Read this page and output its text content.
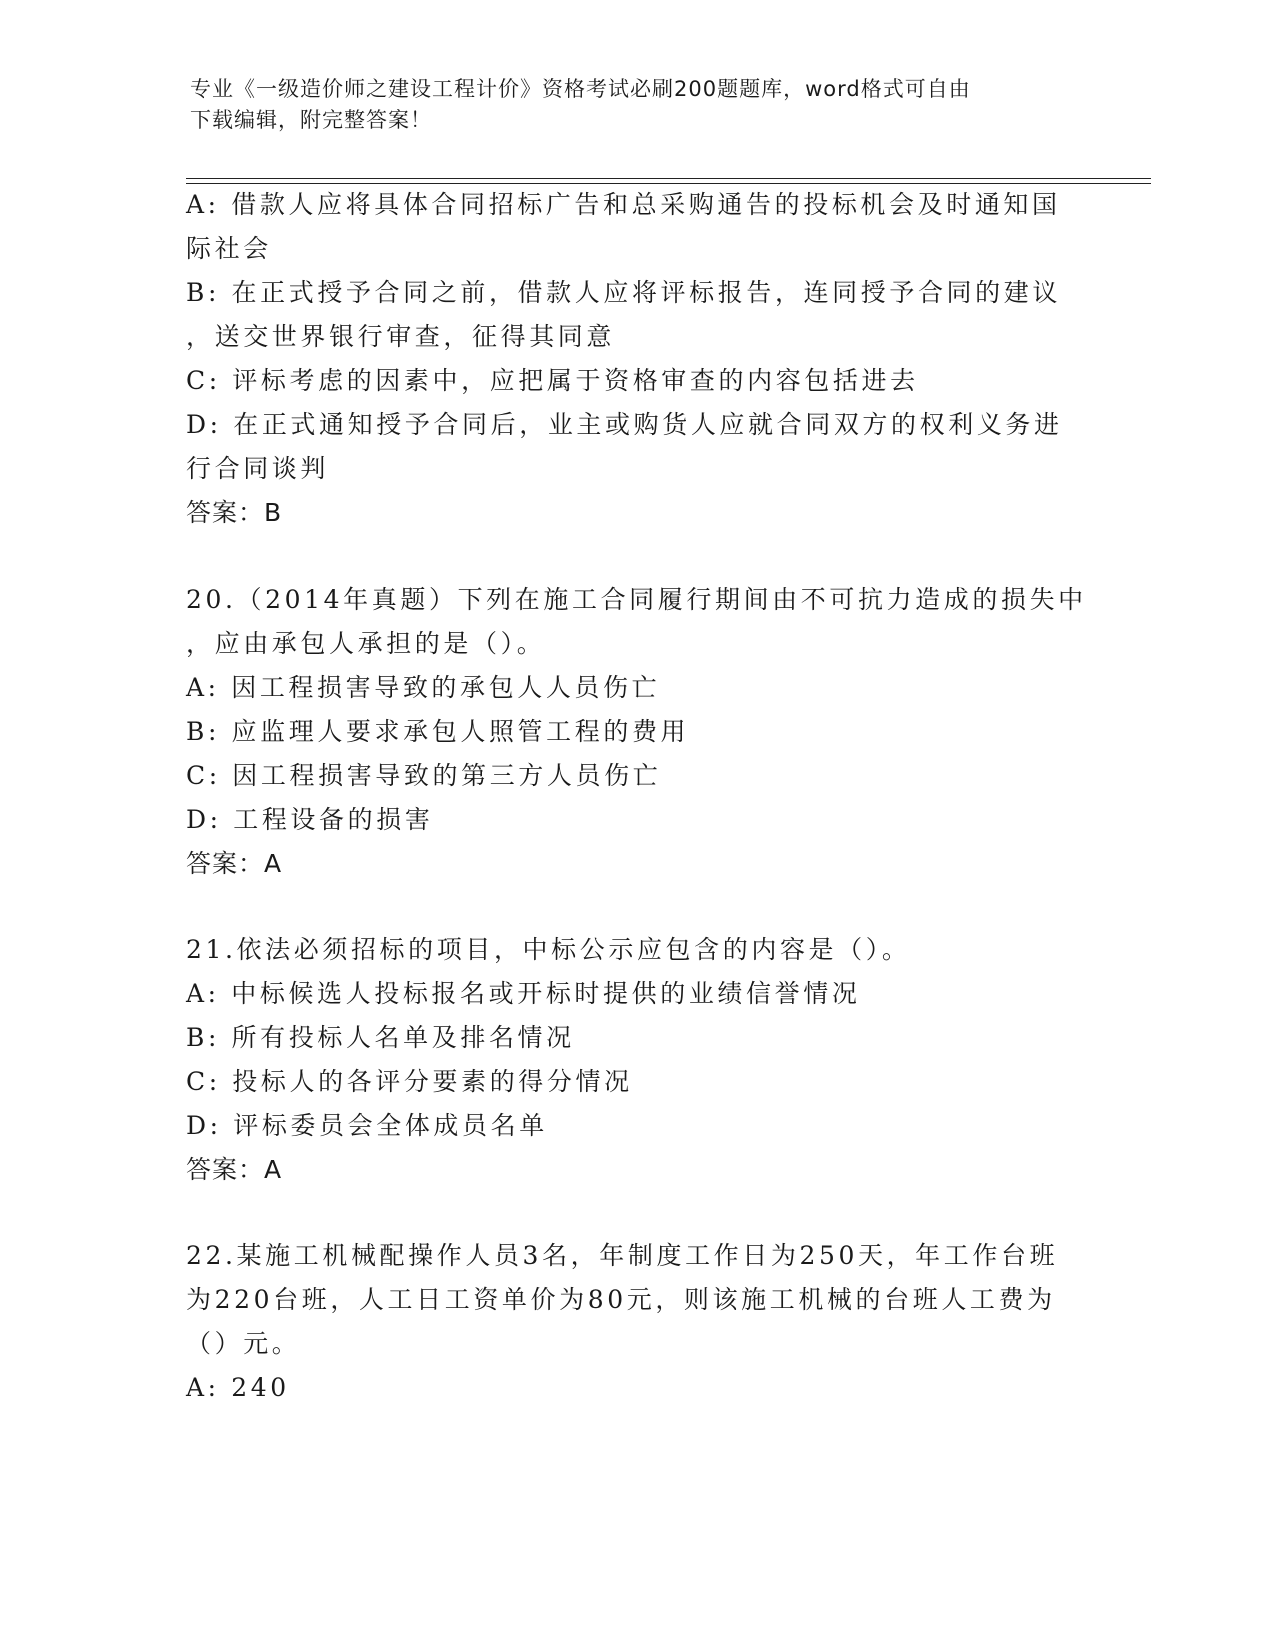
专业《一级造价师之建设工程计价》资格考试必刷200题题库，word格式可自由
下载编辑，附完整答案！
A: 借款人应将具体合同招标广告和总采购通告的投标机会及时通知国
际社会
B: 在正式授予合同之前，借款人应将评标报告，连同授予合同的建议
，送交世界银行审查，征得其同意
C: 评标考虑的因素中，应把属于资格审查的内容包括进去
D: 在正式通知授予合同后，业主或购货人应就合同双方的权利义务进
行合同谈判
答案：B
20.（2014年真题）下列在施工合同履行期间由不可抗力造成的损失中
，应由承包人承担的是（）。
A: 因工程损害导致的承包人人员伤亡
B: 应监理人要求承包人照管工程的费用
C: 因工程损害导致的第三方人员伤亡
D: 工程设备的损害
答案：A
21.依法必须招标的项目，中标公示应包含的内容是（）。
A: 中标候选人投标报名或开标时提供的业绩信誉情况
B: 所有投标人名单及排名情况
C: 投标人的各评分要素的得分情况
D: 评标委员会全体成员名单
答案：A
22.某施工机械配操作人员3名，年制度工作日为250天，年工作台班
为220台班，人工日工资单价为80元，则该施工机械的台班人工费为
（）元。
A: 240
